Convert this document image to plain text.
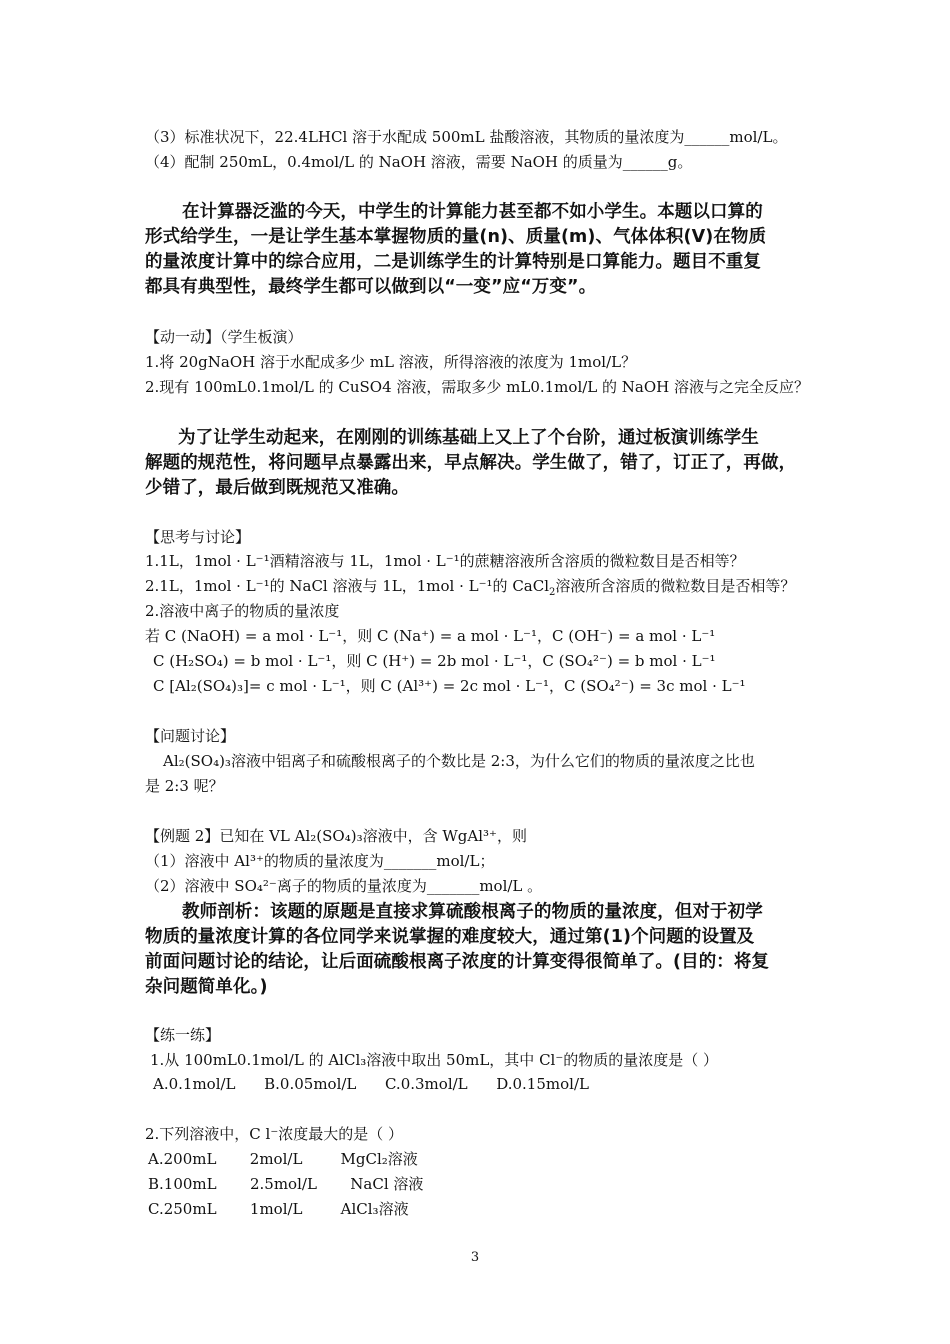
（3）标准状况下，22.4LHCl 溶于水配成 500mL 盐酸溶液，其物质的量浓度为______mol/L。
（4）配制 250mL，0.4mol/L 的 NaOH 溶液，需要 NaOH 的质量为______g。
在计算器泛滥的今天，中学生的计算能力甚至都不如小学生。本题以口算的
形式给学生，一是让学生基本掌握物质的量(n)、质量(m)、气体体积(V)在物质
的量浓度计算中的综合应用，二是训练学生的计算特别是口算能力。题目不重复
都具有典型性，最终学生都可以做到以“一变”应“万变”。
【动一动】（学生板演）
1.将 20gNaOH 溶于水配成多少 mL 溶液，所得溶液的浓度为 1mol/L？
2.现有 100mL0.1mol/L 的 CuSO4 溶液，需取多少 mL0.1mol/L 的 NaOH 溶液与之完全反应？
为了让学生动起来，在刚刚的训练基础上又上了个台阶，通过板演训练学生
解题的规范性，将问题早点暴露出来，早点解决。学生做了，错了，订正了，再做，
少错了，最后做到既规范又准确。
【思考与讨论】
1.1L，1mol · L⁻¹酒精溶液与 1L，1mol · L⁻¹的蔗糖溶液所含溶质的微粒数目是否相等？
2.1L，1mol · L⁻¹的 NaCl 溶液与 1L，1mol · L⁻¹的 CaCl$_2$溶液所含溶质的微粒数目是否相等？
2.溶液中离子的物质的量浓度
若 C (NaOH) = a mol · L⁻¹，则 C (Na⁺) = a mol · L⁻¹，C (OH⁻) = a mol · L⁻¹
C (H₂SO₄) = b mol · L⁻¹，则 C (H⁺) = 2b mol · L⁻¹，C (SO₄²⁻) = b mol · L⁻¹
C [Al₂(SO₄)₃]= c mol · L⁻¹，则 C (Al³⁺) = 2c mol · L⁻¹，C (SO₄²⁻) = 3c mol · L⁻¹
【问题讨论】
Al₂(SO₄)₃溶液中铝离子和硫酸根离子的个数比是 2:3，为什么它们的物质的量浓度之比也
是 2:3 呢？
【例题 2】已知在 VL Al₂(SO₄)₃溶液中，含 WgAl³⁺，则
（1）溶液中 Al³⁺的物质的量浓度为_______mol/L；
（2）溶液中 SO₄²⁻离子的物质的量浓度为_______mol/L 。
教师剖析：该题的原题是直接求算硫酸根离子的物质的量浓度，但对于初学
物质的量浓度计算的各位同学来说掌握的难度较大，通过第(1)个问题的设置及
前面问题讨论的结论，让后面硫酸根离子浓度的计算变得很简单了。(目的：将复
杂问题简单化。)
【练一练】
1.从 100mL0.1mol/L 的 AlCl₃溶液中取出 50mL，其中 Cl⁻的物质的量浓度是（ ）
A.0.1mol/L      B.0.05mol/L      C.0.3mol/L      D.0.15mol/L
2.下列溶液中，C l⁻浓度最大的是（ ）
A.200mL       2mol/L        MgCl₂溶液
B.100mL       2.5mol/L       NaCl 溶液
C.250mL       1mol/L        AlCl₃溶液
3
